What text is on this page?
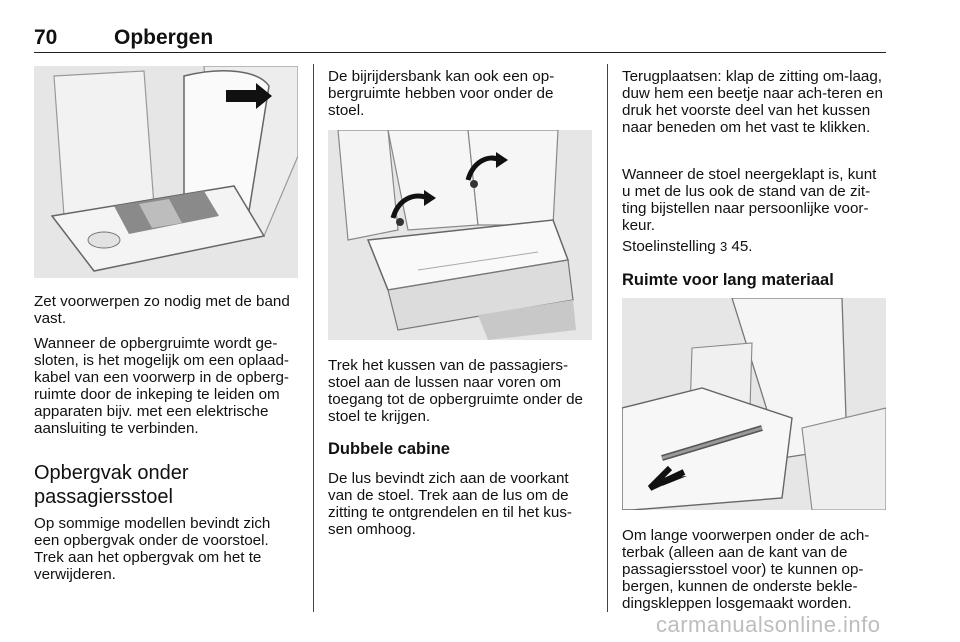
70	Opbergen

Zet voorwerpen zo nodig met de band vast.

Wanneer de opbergruimte wordt ge-sloten, is het mogelijk om een oplaad-kabel van een voorwerp in de opberg-ruimte door de inkeping te leiden om apparaten bijv. met een elektrische aansluiting te verbinden.

Opbergvak onder

passagiersstoel

Op sommige modellen bevindt zich een opbergvak onder de voorstoel. Trek aan het opbergvak om het te verwijderen.

De bijrijdersbank kan ook een op-bergruimte hebben voor onder de stoel.

Trek het kussen van de passagiers-stoel aan de lussen naar voren om toegang tot de opbergruimte onder de stoel te krijgen.

Dubbele cabine

De lus bevindt zich aan de voorkant van de stoel. Trek aan de lus om de zitting te ontgrendelen en til het kus-sen omhoog.

Terugplaatsen: klap de zitting om-laag, duw hem een beetje naar ach-teren en druk het voorste deel van het kussen naar beneden om het vast te klikken.

Wanneer de stoel neergeklapt is, kunt u met de lus ook de stand van de zit-ting bijstellen naar persoonlijke voor-keur.

Stoelinstelling 3 45.

Ruimte voor lang materiaal

Om lange voorwerpen onder de ach-terbak (alleen aan de kant van de passagiersstoel voor) te kunnen op-bergen, kunnen de onderste bekle-dingskleppen losgemaakt worden.

carmanualsonline.info
